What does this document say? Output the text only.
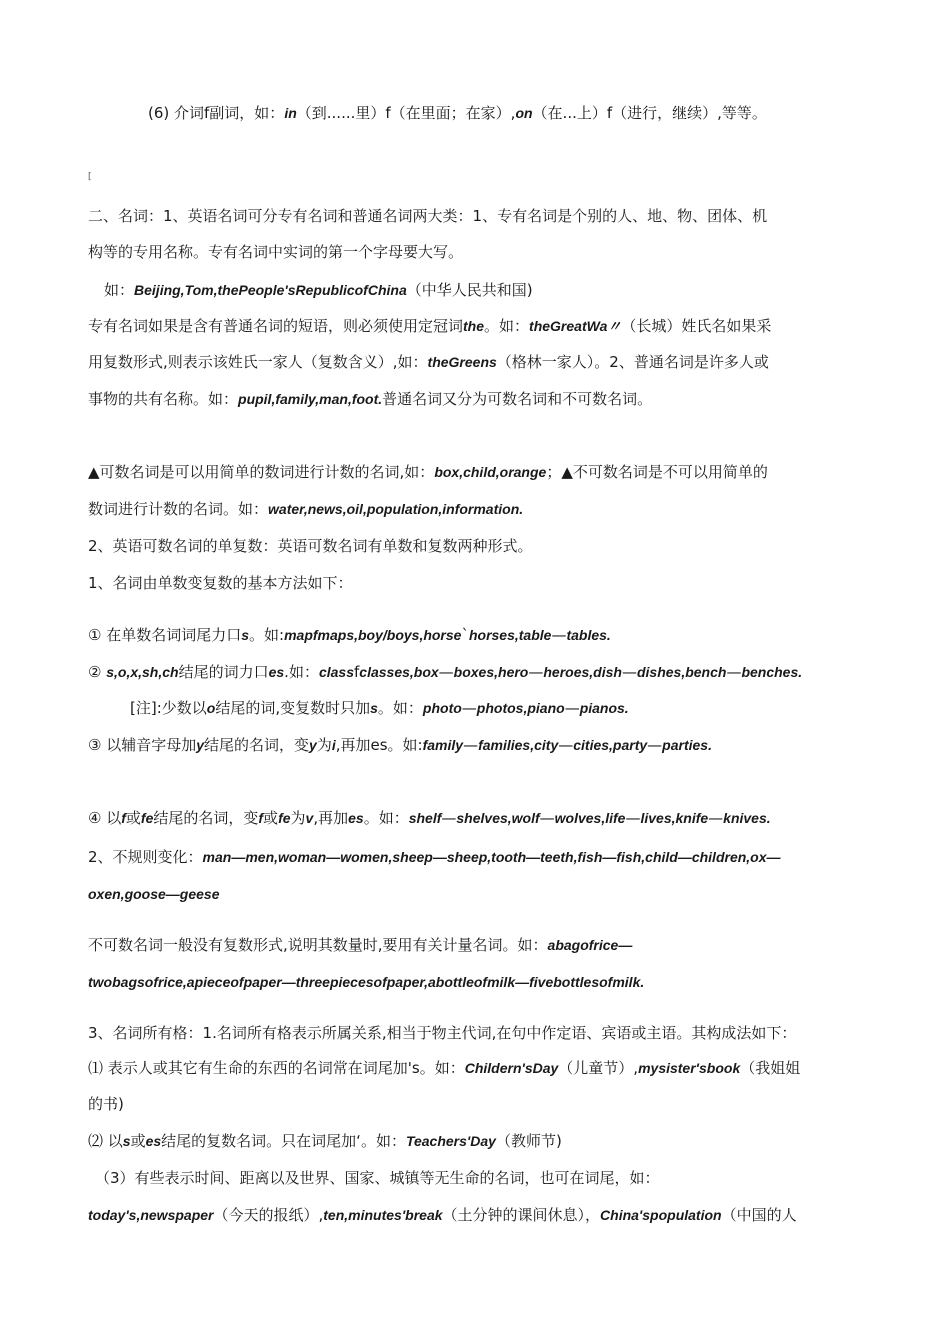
[
(6) 介词f副词，如：in（到......里）f（在里面；在家）,on（在...上）f（进行，继续）,等等。
二、名词：1、英语名词可分专有名词和普通名词两大类：1、专有名词是个别的人、地、物、团体、机
构等的专用名称。专有名词中实词的第一个字母要大写。
如：Beijing,Tom,thePeople'sRepublicofChina（中华人民共和国)
专有名词如果是含有普通名词的短语，则必须使用定冠词the。如：theGreatWa〃（长城）姓氏名如果采
用复数形式,则表示该姓氏一家人（复数含义）,如：theGreens（格林一家人）。2、普通名词是许多人或
事物的共有名称。如：pupil,family,man,foot.普通名词又分为可数名词和不可数名词。
▲可数名词是可以用简单的数词进行计数的名词,如：box,child,orange；▲不可数名词是不可以用简单的
数词进行计数的名词。如：water,news,oil,population,information.
2、英语可数名词的单复数：英语可数名词有单数和复数两种形式。
1、名词由单数变复数的基本方法如下：
① 在单数名词词尾力口s。如:mapfmaps,boy/boys,horse`horses,table—tables.
② s,o,x,sh,ch结尾的词力口es.如：classfclasses,box—boxes,hero—heroes,dish—dishes,bench—benches.
[注]:少数以o结尾的词,变复数时只加s。如：photo—photos,piano—pianos.
③ 以辅音字母加y结尾的名词，变y为i,再加es。如:family—families,city—cities,party—parties.
④ 以f或fe结尾的名词，变f或fe为v,再加es。如：shelf—shelves,wolf—wolves,life—lives,knife—knives.
2、不规则变化：man—men,woman—women,sheep—sheep,tooth—teeth,fish—fish,child—children,ox—
oxen,goose—geese
不可数名词一般没有复数形式,说明其数量时,要用有关计量名词。如：abagofrice—
twobagsofrice,apieceofpaper—threepiecesofpaper,abottleofmilk—fivebottlesofmilk.
3、名词所有格：1.名词所有格表示所属关系,相当于物主代词,在句中作定语、宾语或主语。其构成法如下：
⑴ 表示人或其它有生命的东西的名词常在词尾加's。如：Childern'sDay（儿童节）,mysister'sbook（我姐姐
的书)
⑵ 以s或es结尾的复数名词。只在词尾加‘。如：Teachers'Day（教师节)
（3）有些表示时间、距离以及世界、国家、城镇等无生命的名词，也可在词尾，如：
today's,newspaper（今天的报纸）,ten,minutes'break（土分钟的课间休息），China'spopulation（中国的人
